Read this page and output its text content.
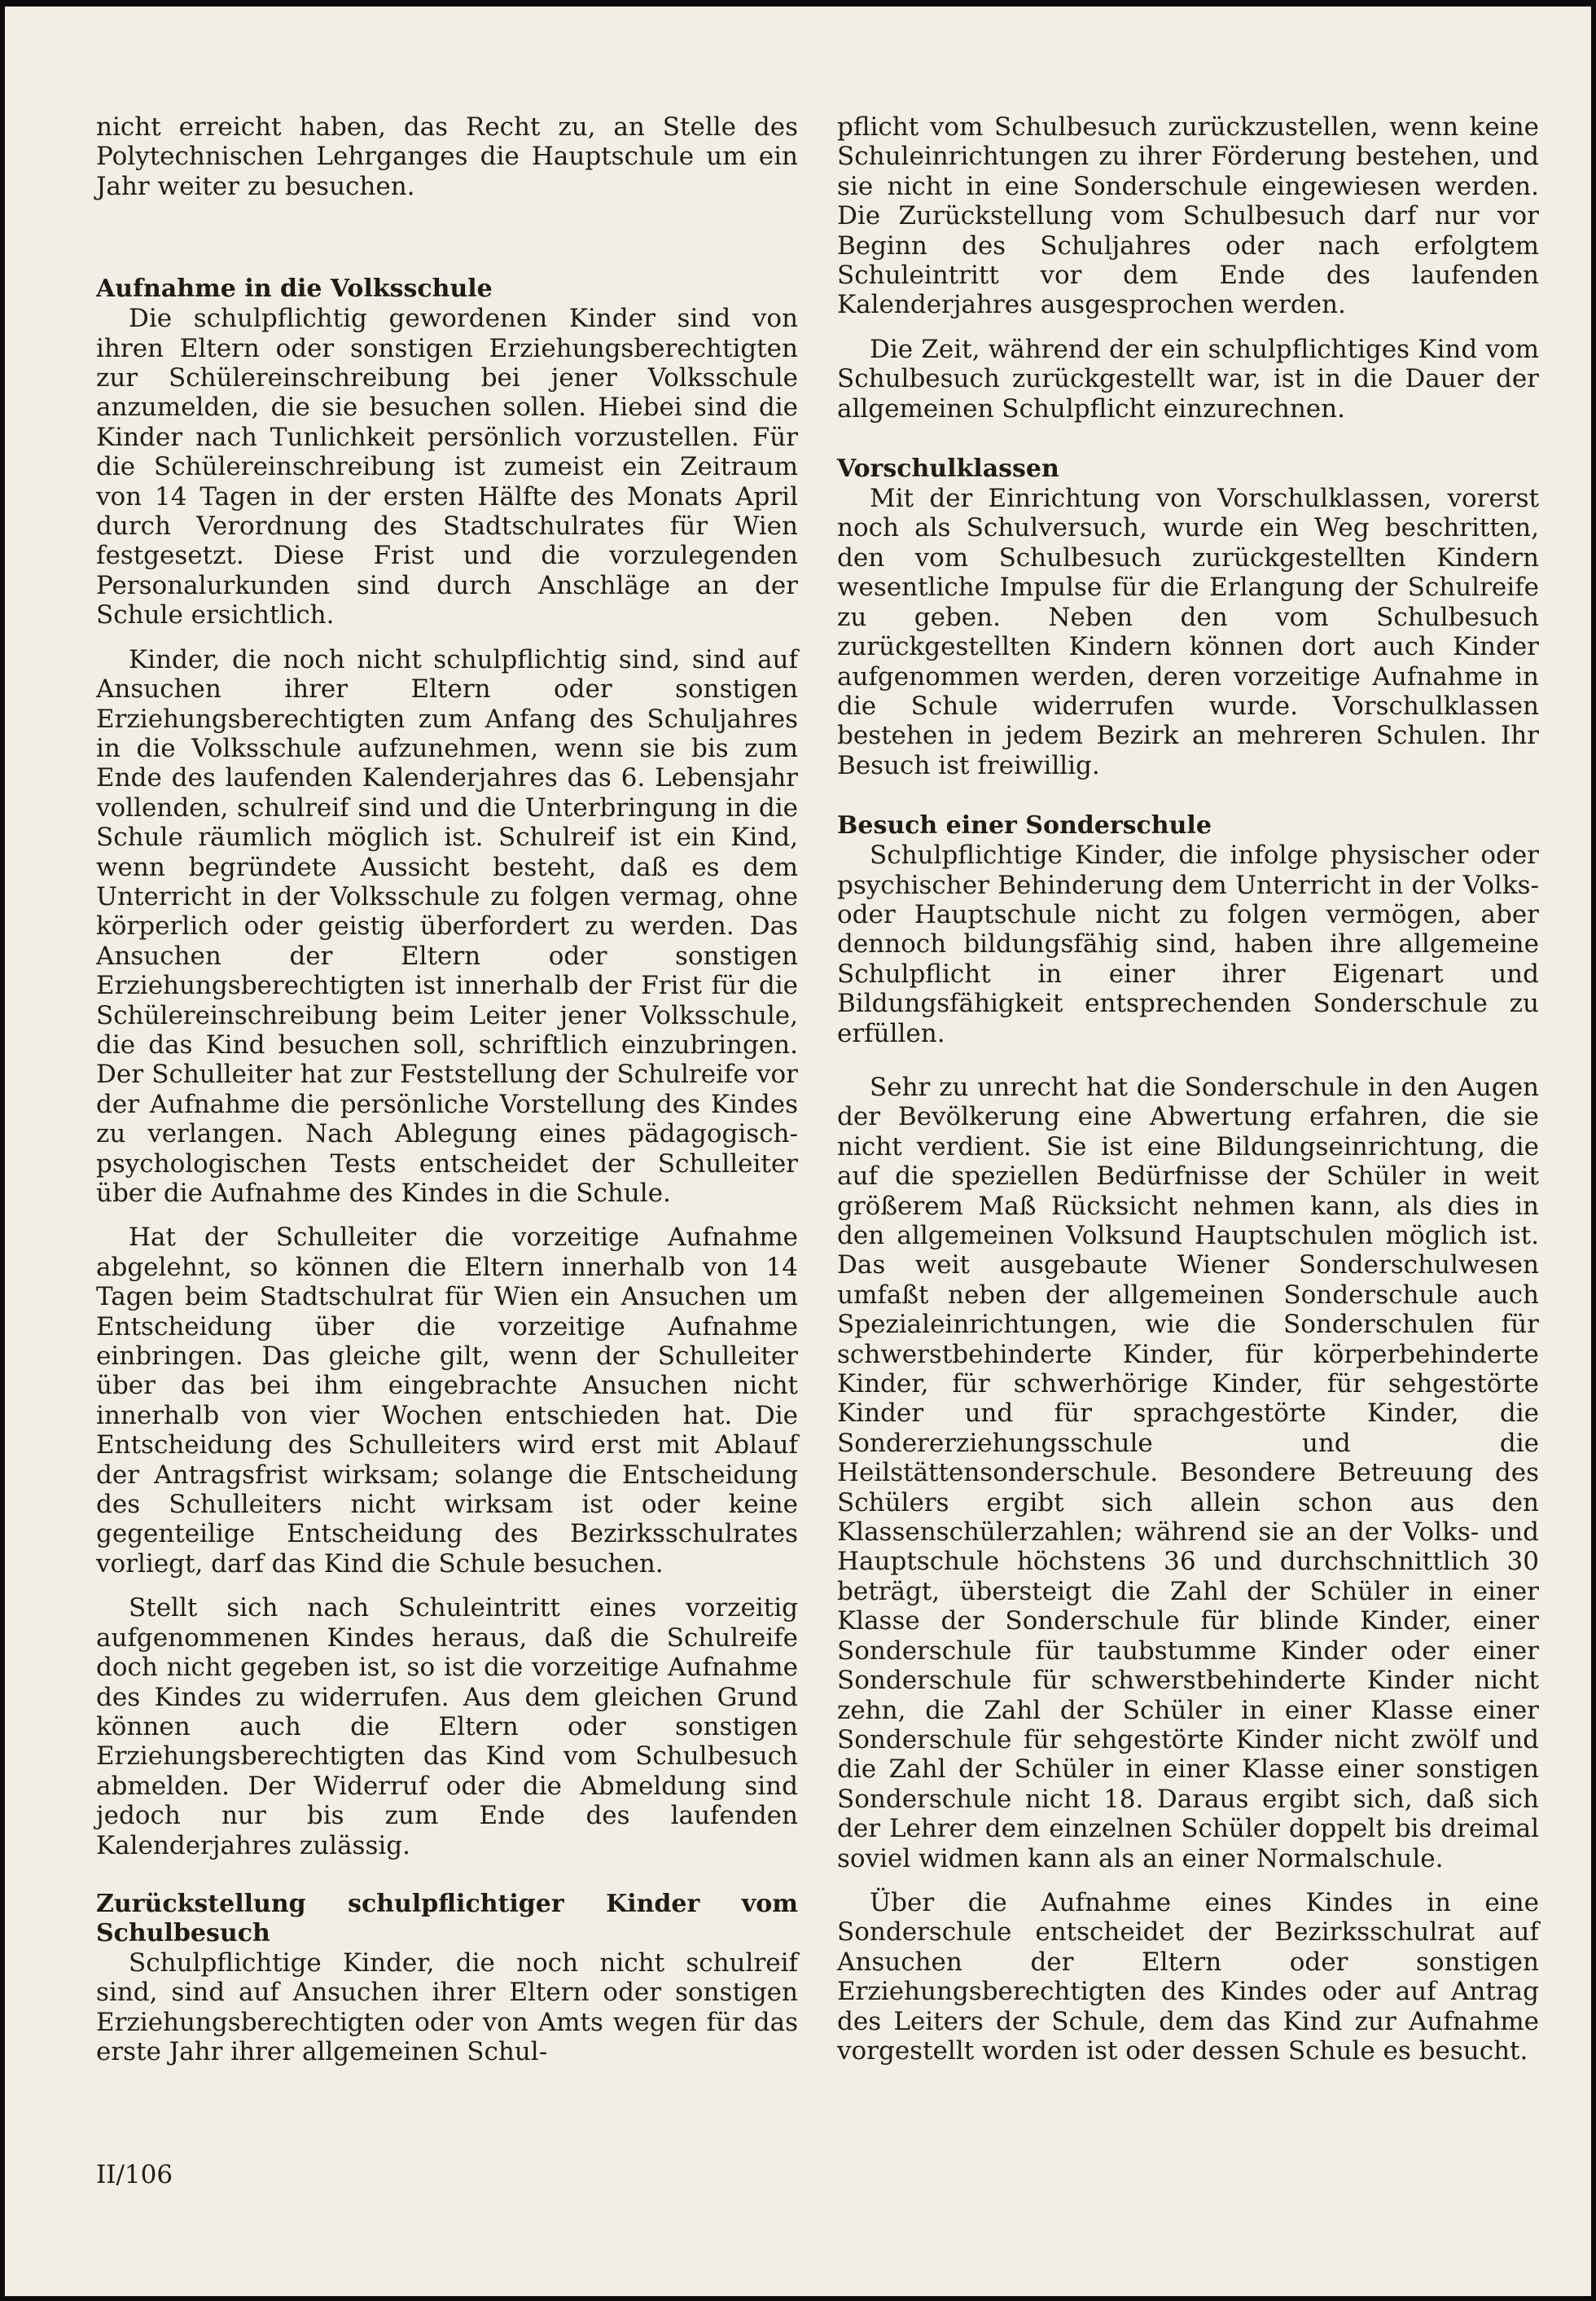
nicht erreicht haben, das Recht zu, an Stelle des Polytechnischen Lehrganges die Hauptschule um ein Jahr weiter zu besuchen.

Aufnahme in die Volksschule

Die schulpflichtig gewordenen Kinder sind von ihren Eltern oder sonstigen Erziehungsberechtigten zur Schülereinschreibung bei jener Volksschule anzumelden, die sie besuchen sollen. Hiebei sind die Kinder nach Tunlichkeit persönlich vorzustellen. Für die Schülereinschreibung ist zumeist ein Zeitraum von 14 Tagen in der ersten Hälfte des Monats April durch Verordnung des Stadtschulrates für Wien festgesetzt. Diese Frist und die vorzulegenden Personalurkunden sind durch Anschläge an der Schule ersichtlich.

Kinder, die noch nicht schulpflichtig sind, sind auf Ansuchen ihrer Eltern oder sonstigen Erziehungsberechtigten zum Anfang des Schuljahres in die Volksschule aufzunehmen, wenn sie bis zum Ende des laufenden Kalenderjahres das 6. Lebensjahr vollenden, schulreif sind und die Unterbringung in die Schule räumlich möglich ist. Schulreif ist ein Kind, wenn begründete Aussicht besteht, daß es dem Unterricht in der Volksschule zu folgen vermag, ohne körperlich oder geistig überfordert zu werden. Das Ansuchen der Eltern oder sonstigen Erziehungsberechtigten ist innerhalb der Frist für die Schülereinschreibung beim Leiter jener Volksschule, die das Kind besuchen soll, schriftlich einzubringen. Der Schulleiter hat zur Feststellung der Schulreife vor der Aufnahme die persönliche Vorstellung des Kindes zu verlangen. Nach Ablegung eines pädagogisch-psychologischen Tests entscheidet der Schulleiter über die Aufnahme des Kindes in die Schule.

Hat der Schulleiter die vorzeitige Aufnahme abgelehnt, so können die Eltern innerhalb von 14 Tagen beim Stadtschulrat für Wien ein Ansuchen um Entscheidung über die vorzeitige Aufnahme einbringen. Das gleiche gilt, wenn der Schulleiter über das bei ihm eingebrachte Ansuchen nicht innerhalb von vier Wochen entschieden hat. Die Entscheidung des Schulleiters wird erst mit Ablauf der Antragsfrist wirksam; solange die Entscheidung des Schulleiters nicht wirksam ist oder keine gegenteilige Entscheidung des Bezirksschulrates vorliegt, darf das Kind die Schule besuchen.

Stellt sich nach Schuleintritt eines vorzeitig aufgenommenen Kindes heraus, daß die Schulreife doch nicht gegeben ist, so ist die vorzeitige Aufnahme des Kindes zu widerrufen. Aus dem gleichen Grund können auch die Eltern oder sonstigen Erziehungsberechtigten das Kind vom Schulbesuch abmelden. Der Widerruf oder die Abmeldung sind jedoch nur bis zum Ende des laufenden Kalenderjahres zulässig.

Zurückstellung schulpflichtiger Kinder vom
Schulbesuch

Schulpflichtige Kinder, die noch nicht schulreif sind, sind auf Ansuchen ihrer Eltern oder sonstigen Erziehungsberechtigten oder von Amts wegen für das erste Jahr ihrer allgemeinen Schul-

pflicht vom Schulbesuch zurückzustellen, wenn keine Schuleinrichtungen zu ihrer Förderung bestehen, und sie nicht in eine Sonderschule eingewiesen werden. Die Zurückstellung vom Schulbesuch darf nur vor Beginn des Schuljahres oder nach erfolgtem Schuleintritt vor dem Ende des laufenden Kalenderjahres ausgesprochen werden.

Die Zeit, während der ein schulpflichtiges Kind vom Schulbesuch zurückgestellt war, ist in die Dauer der allgemeinen Schulpflicht einzurechnen.

Vorschulklassen

Mit der Einrichtung von Vorschulklassen, vorerst noch als Schulversuch, wurde ein Weg beschritten, den vom Schulbesuch zurückgestellten Kindern wesentliche Impulse für die Erlangung der Schulreife zu geben. Neben den vom Schulbesuch zurückgestellten Kindern können dort auch Kinder aufgenommen werden, deren vorzeitige Aufnahme in die Schule widerrufen wurde. Vorschulklassen bestehen in jedem Bezirk an mehreren Schulen. Ihr Besuch ist freiwillig.

Besuch einer Sonderschule

Schulpflichtige Kinder, die infolge physischer oder psychischer Behinderung dem Unterricht in der Volks- oder Hauptschule nicht zu folgen vermögen, aber dennoch bildungsfähig sind, haben ihre allgemeine Schulpflicht in einer ihrer Eigenart und Bildungsfähigkeit entsprechenden Sonderschule zu erfüllen.

Sehr zu unrecht hat die Sonderschule in den Augen der Bevölkerung eine Abwertung erfahren, die sie nicht verdient. Sie ist eine Bildungseinrichtung, die auf die speziellen Bedürfnisse der Schüler in weit größerem Maß Rücksicht nehmen kann, als dies in den allgemeinen Volksund Hauptschulen möglich ist. Das weit ausgebaute Wiener Sonderschulwesen umfaßt neben der allgemeinen Sonderschule auch Spezialeinrichtungen, wie die Sonderschulen für schwerstbehinderte Kinder, für körperbehinderte Kinder, für schwerhörige Kinder, für sehgestörte Kinder und für sprachgestörte Kinder, die Sondererziehungsschule und die Heilstättensonderschule. Besondere Betreuung des Schülers ergibt sich allein schon aus den Klassenschülerzahlen; während sie an der Volks- und Hauptschule höchstens 36 und durchschnittlich 30 beträgt, übersteigt die Zahl der Schüler in einer Klasse der Sonderschule für blinde Kinder, einer Sonderschule für taubstumme Kinder oder einer Sonderschule für schwerstbehinderte Kinder nicht zehn, die Zahl der Schüler in einer Klasse einer Sonderschule für sehgestörte Kinder nicht zwölf und die Zahl der Schüler in einer Klasse einer sonstigen Sonderschule nicht 18. Daraus ergibt sich, daß sich der Lehrer dem einzelnen Schüler doppelt bis dreimal soviel widmen kann als an einer Normalschule.

Über die Aufnahme eines Kindes in eine Sonderschule entscheidet der Bezirksschulrat auf Ansuchen der Eltern oder sonstigen Erziehungsberechtigten des Kindes oder auf Antrag des Leiters der Schule, dem das Kind zur Aufnahme vorgestellt worden ist oder dessen Schule es besucht.

II/106
